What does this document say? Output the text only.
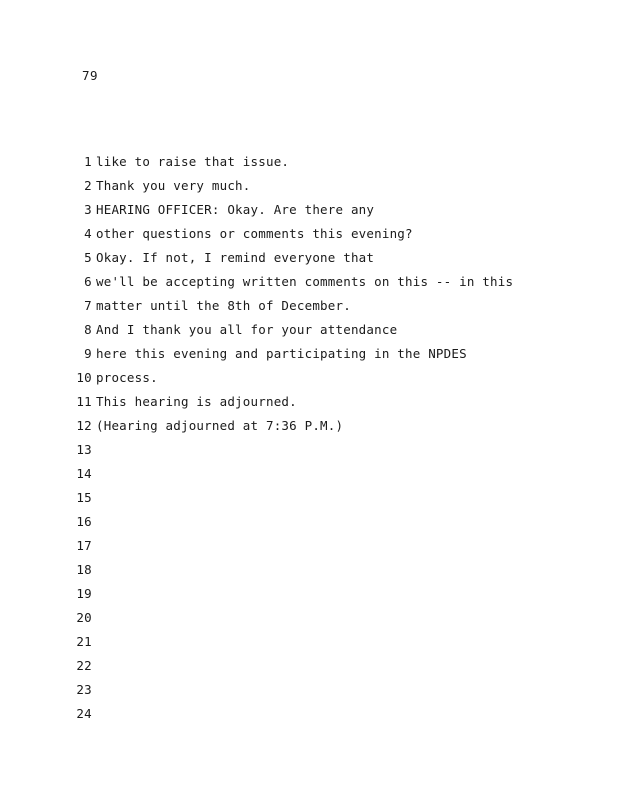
79
1 like to raise that issue.
2 Thank you very much.
3 HEARING OFFICER: Okay. Are there any
4 other questions or comments this evening?
5 Okay. If not, I remind everyone that
6 we'll be accepting written comments on this -- in this
7 matter until the 8th of December.
8 And I thank you all for your attendance
9 here this evening and participating in the NPDES
10 process.
11 This hearing is adjourned.
12 (Hearing adjourned at 7:36 P.M.)
13
14
15
16
17
18
19
20
21
22
23
24
